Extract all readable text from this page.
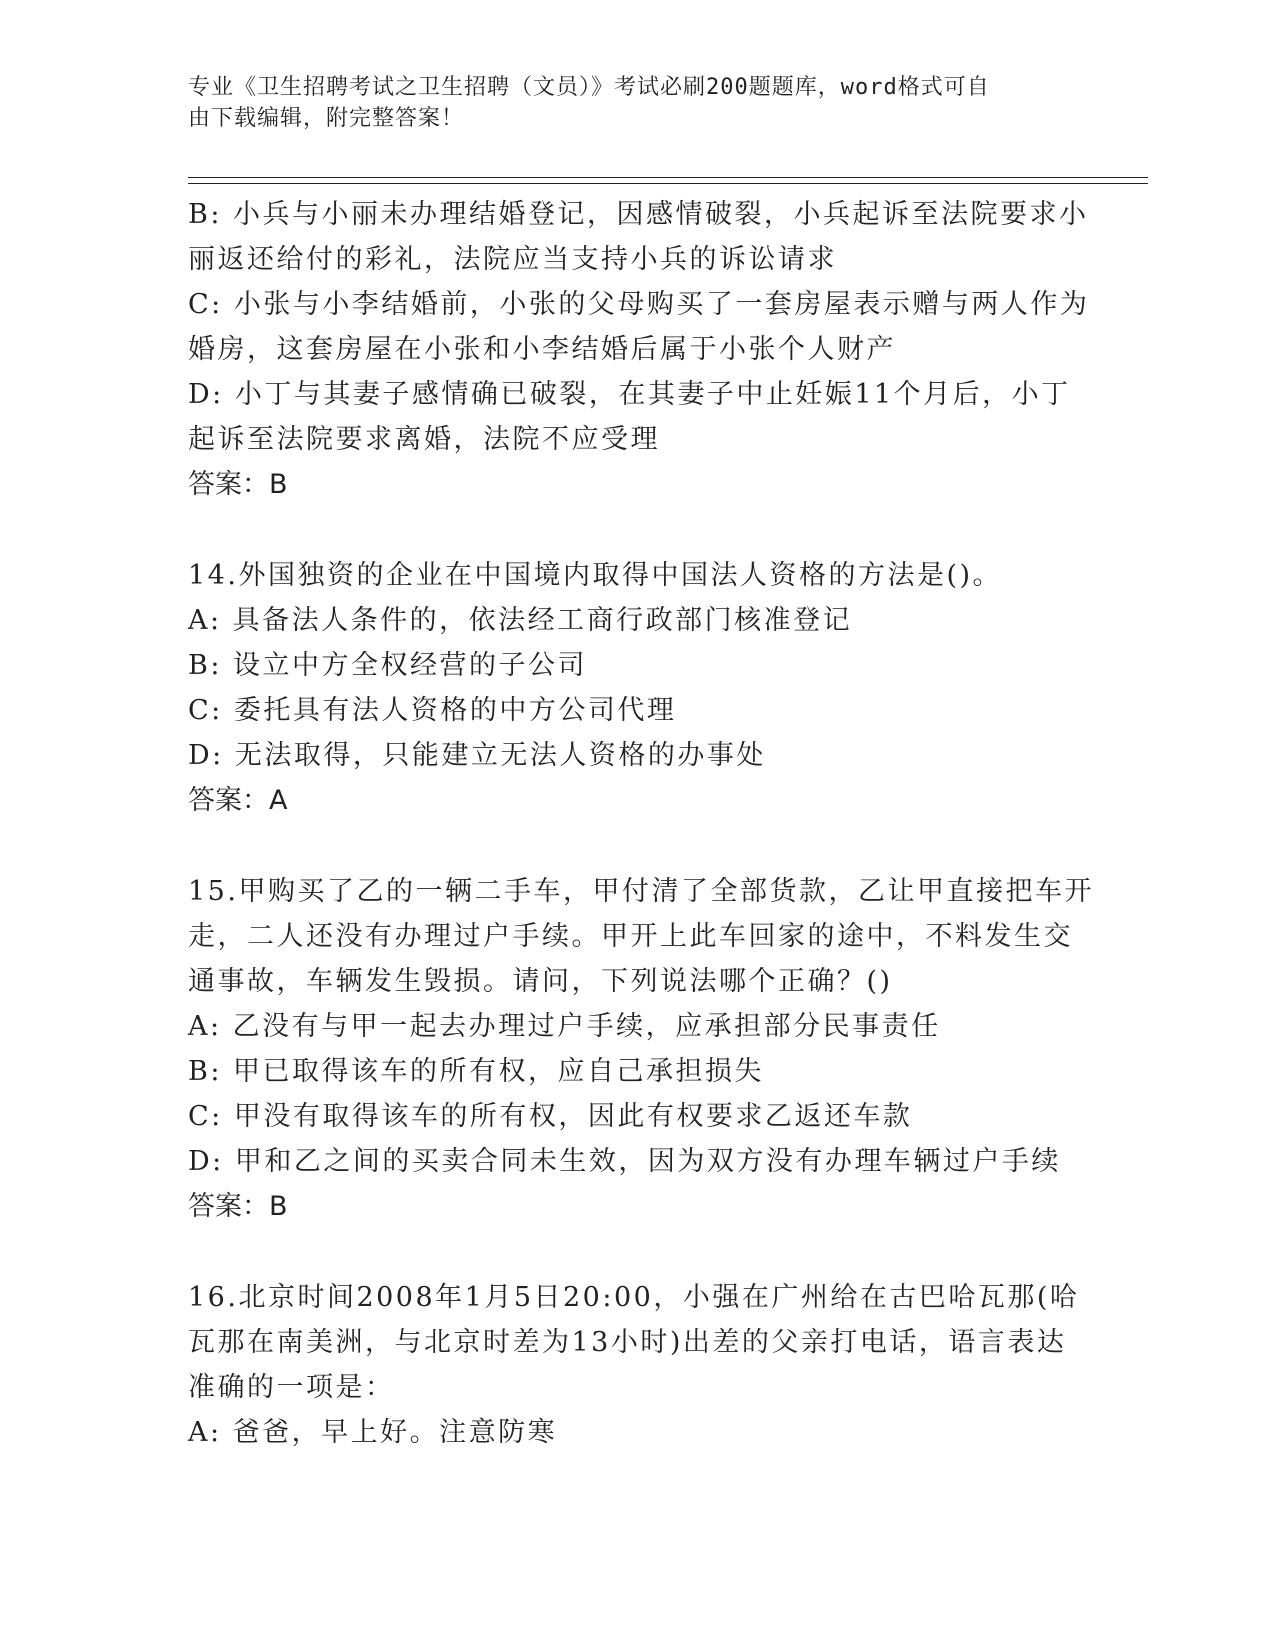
专业《卫生招聘考试之卫生招聘（文员）》考试必刷200题题库，word格式可自
由下载编辑，附完整答案！
B: 小兵与小丽未办理结婚登记，因感情破裂，小兵起诉至法院要求小
丽返还给付的彩礼，法院应当支持小兵的诉讼请求
C: 小张与小李结婚前，小张的父母购买了一套房屋表示赠与两人作为
婚房，这套房屋在小张和小李结婚后属于小张个人财产
D: 小丁与其妻子感情确已破裂，在其妻子中止妊娠11个月后，小丁
起诉至法院要求离婚，法院不应受理
答案：B
14.外国独资的企业在中国境内取得中国法人资格的方法是()。
A: 具备法人条件的，依法经工商行政部门核准登记
B: 设立中方全权经营的子公司
C: 委托具有法人资格的中方公司代理
D: 无法取得，只能建立无法人资格的办事处
答案：A
15.甲购买了乙的一辆二手车，甲付清了全部货款，乙让甲直接把车开
走，二人还没有办理过户手续。甲开上此车回家的途中，不料发生交
通事故，车辆发生毁损。请问，下列说法哪个正确？()
A: 乙没有与甲一起去办理过户手续，应承担部分民事责任
B: 甲已取得该车的所有权，应自己承担损失
C: 甲没有取得该车的所有权，因此有权要求乙返还车款
D: 甲和乙之间的买卖合同未生效，因为双方没有办理车辆过户手续
答案：B
16.北京时间2008年1月5日20:00，小强在广州给在古巴哈瓦那(哈
瓦那在南美洲，与北京时差为13小时)出差的父亲打电话，语言表达
准确的一项是：
A: 爸爸，早上好。注意防寒
